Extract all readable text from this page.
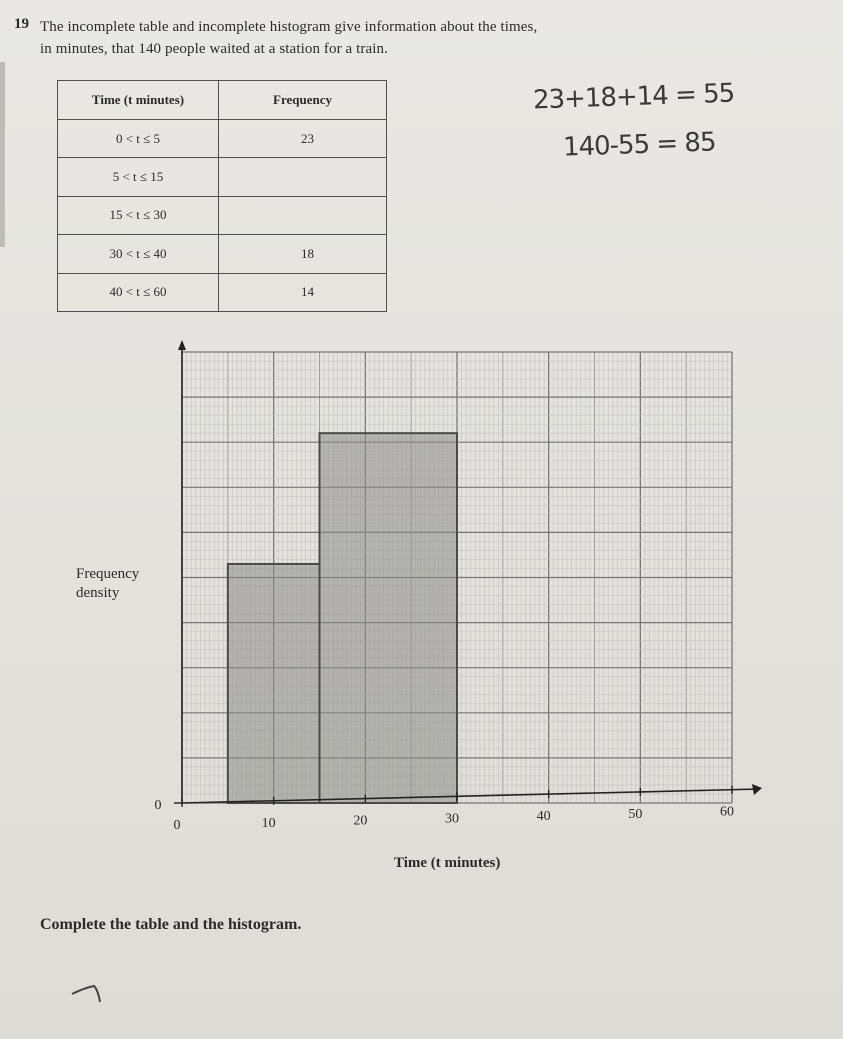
19 The incomplete table and incomplete histogram give information about the times,
in minutes, that 140 people waited at a station for a train.
Time (t minutes)	Frequency
0 < t ≤ 5	23
5 < t ≤ 15	
15 < t ≤ 30	
30 < t ≤ 40	18
40 < t ≤ 60	14
23+18+14 = 55
140-55 = 85
0	10	20	30	40	50	60
0
Frequency
density
Time (t minutes)
Complete the table and the histogram.
